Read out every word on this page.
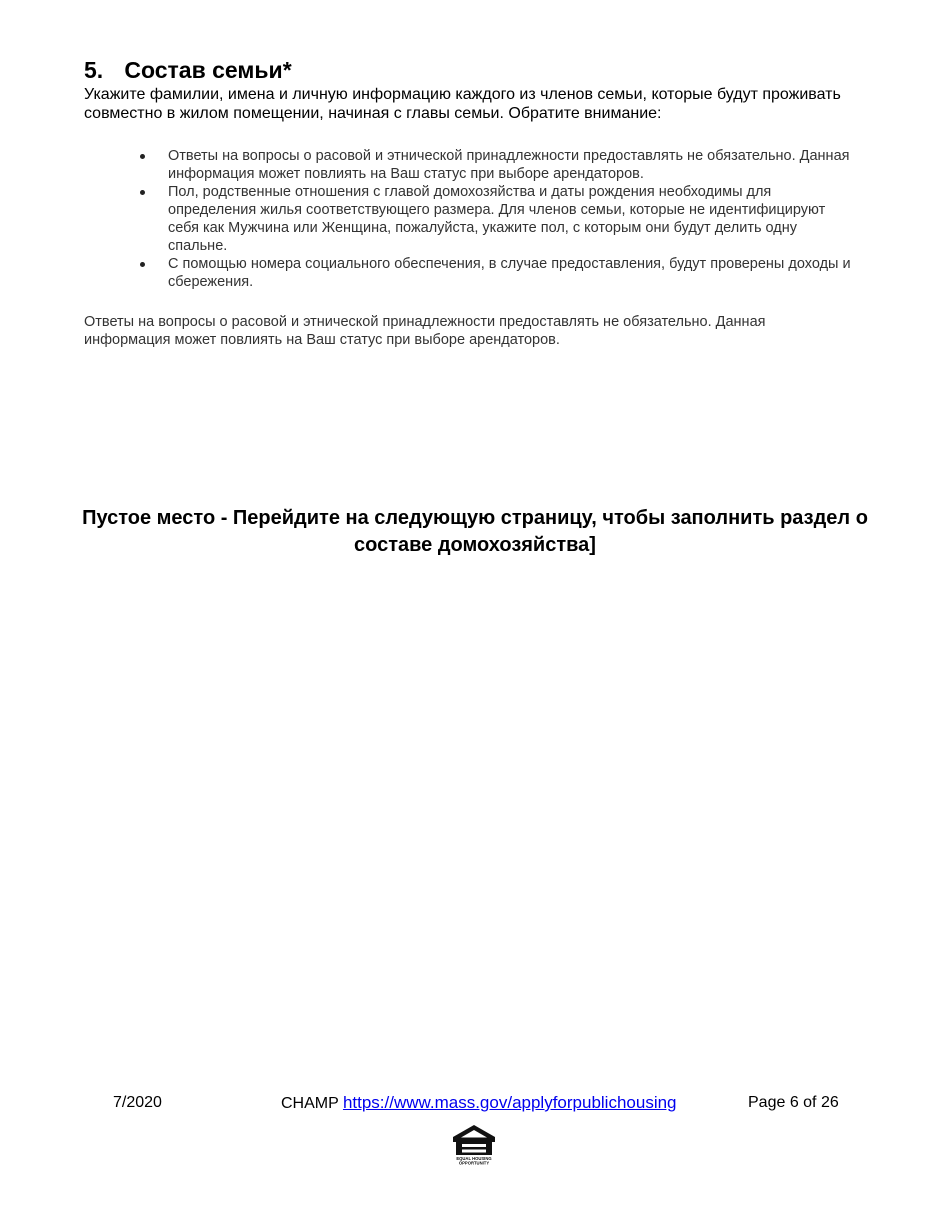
5. Состав семьи*

Укажите фамилии, имена и личную информацию каждого из членов семьи, которые будут проживать совместно в жилом помещении, начиная с главы семьи. Обратите внимание:

Ответы на вопросы о расовой и этнической принадлежности предоставлять не обязательно. Данная информация может повлиять на Ваш статус при выборе арендаторов.
Пол, родственные отношения с главой домохозяйства и даты рождения необходимы для определения жилья соответствующего размера. Для членов семьи, которые не идентифицируют себя как Мужчина или Женщина, пожалуйста, укажите пол, с которым они будут делить одну спальне.
С помощью номера социального обеспечения, в случае предоставления, будут проверены доходы и сбережения.

Ответы на вопросы о расовой и этнической принадлежности предоставлять не обязательно. Данная информация может повлиять на Ваш статус при выборе арендаторов.

Пустое место - Перейдите на следующую страницу, чтобы заполнить раздел о составе домохозяйства]

7/2020	CHAMP https://www.mass.gov/applyforpublichousing	Page 6 of 26
EQUAL HOUSING
OPPORTUNITY
